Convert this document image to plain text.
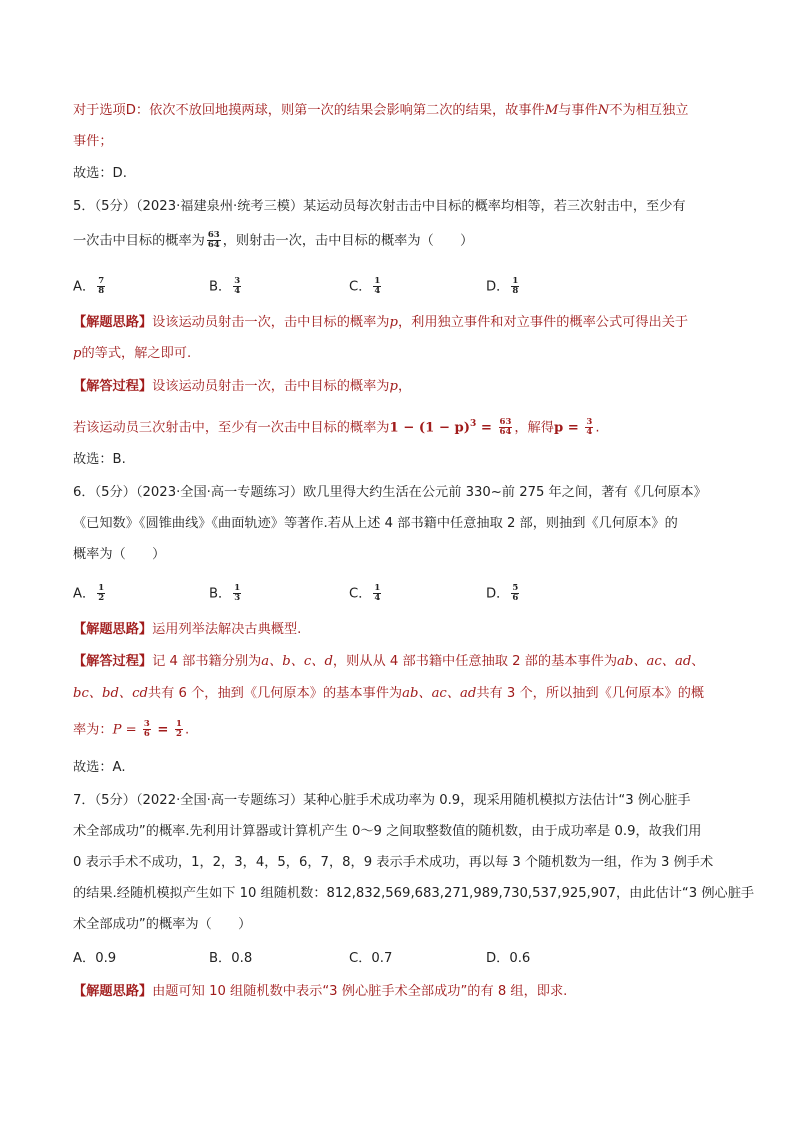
对于选项D：依次不放回地摸两球，则第一次的结果会影响第二次的结果，故事件M与事件N不为相互独立
事件；
故选：D.
5．（5分）（2023·福建泉州·统考三模）某运动员每次射击击中目标的概率均相等，若三次射击中，至少有
一次击中目标的概率为 $\frac{63}{64}$ ，则射击一次，击中目标的概率为（　　）
A． $\frac{7}{8}$	B． $\frac{3}{4}$	C． $\frac{1}{4}$	D． $\frac{1}{8}$
【解题思路】设该运动员射击一次，击中目标的概率为p，利用独立事件和对立事件的概率公式可得出关于
p的等式，解之即可.
【解答过程】设该运动员射击一次，击中目标的概率为p，
若该运动员三次射击中，至少有一次击中目标的概率为$1 - (1 - p)^3 = \frac{63}{64}$ ，解得$p = \frac{3}{4}$ .
故选：B.
6．（5分）（2023·全国·高一专题练习）欧几里得大约生活在公元前 330~前 275 年之间，著有《几何原本》
《已知数》《圆锥曲线》《曲面轨迹》等著作.若从上述 4 部书籍中任意抽取 2 部，则抽到《几何原本》的
概率为（　　）
A． $\frac{1}{2}$	B． $\frac{1}{3}$	C． $\frac{1}{4}$	D． $\frac{5}{6}$
【解题思路】运用列举法解决古典概型.
【解答过程】记 4 部书籍分别为a、b、c、d，则从从 4 部书籍中任意抽取 2 部的基本事件为ab、ac、ad、
bc、bd、cd共有 6 个，抽到《几何原本》的基本事件为ab、ac、ad共有 3 个，所以抽到《几何原本》的概
率为：$P = \frac{3}{6} = \frac{1}{2}$ .
故选：A.
7．（5分）（2022·全国·高一专题练习）某种心脏手术成功率为 0.9，现采用随机模拟方法估计“3 例心脏手
术全部成功”的概率.先利用计算器或计算机产生 0～9 之间取整数值的随机数，由于成功率是 0.9，故我们用
0 表示手术不成功，1，2，3，4，5，6，7，8，9 表示手术成功，再以每 3 个随机数为一组，作为 3 例手术
的结果.经随机模拟产生如下 10 组随机数：812,832,569,683,271,989,730,537,925,907，由此估计“3 例心脏手
术全部成功”的概率为（　　）
A．0.9	B．0.8	C．0.7	D．0.6
【解题思路】由题可知 10 组随机数中表示“3 例心脏手术全部成功”的有 8 组，即求.
